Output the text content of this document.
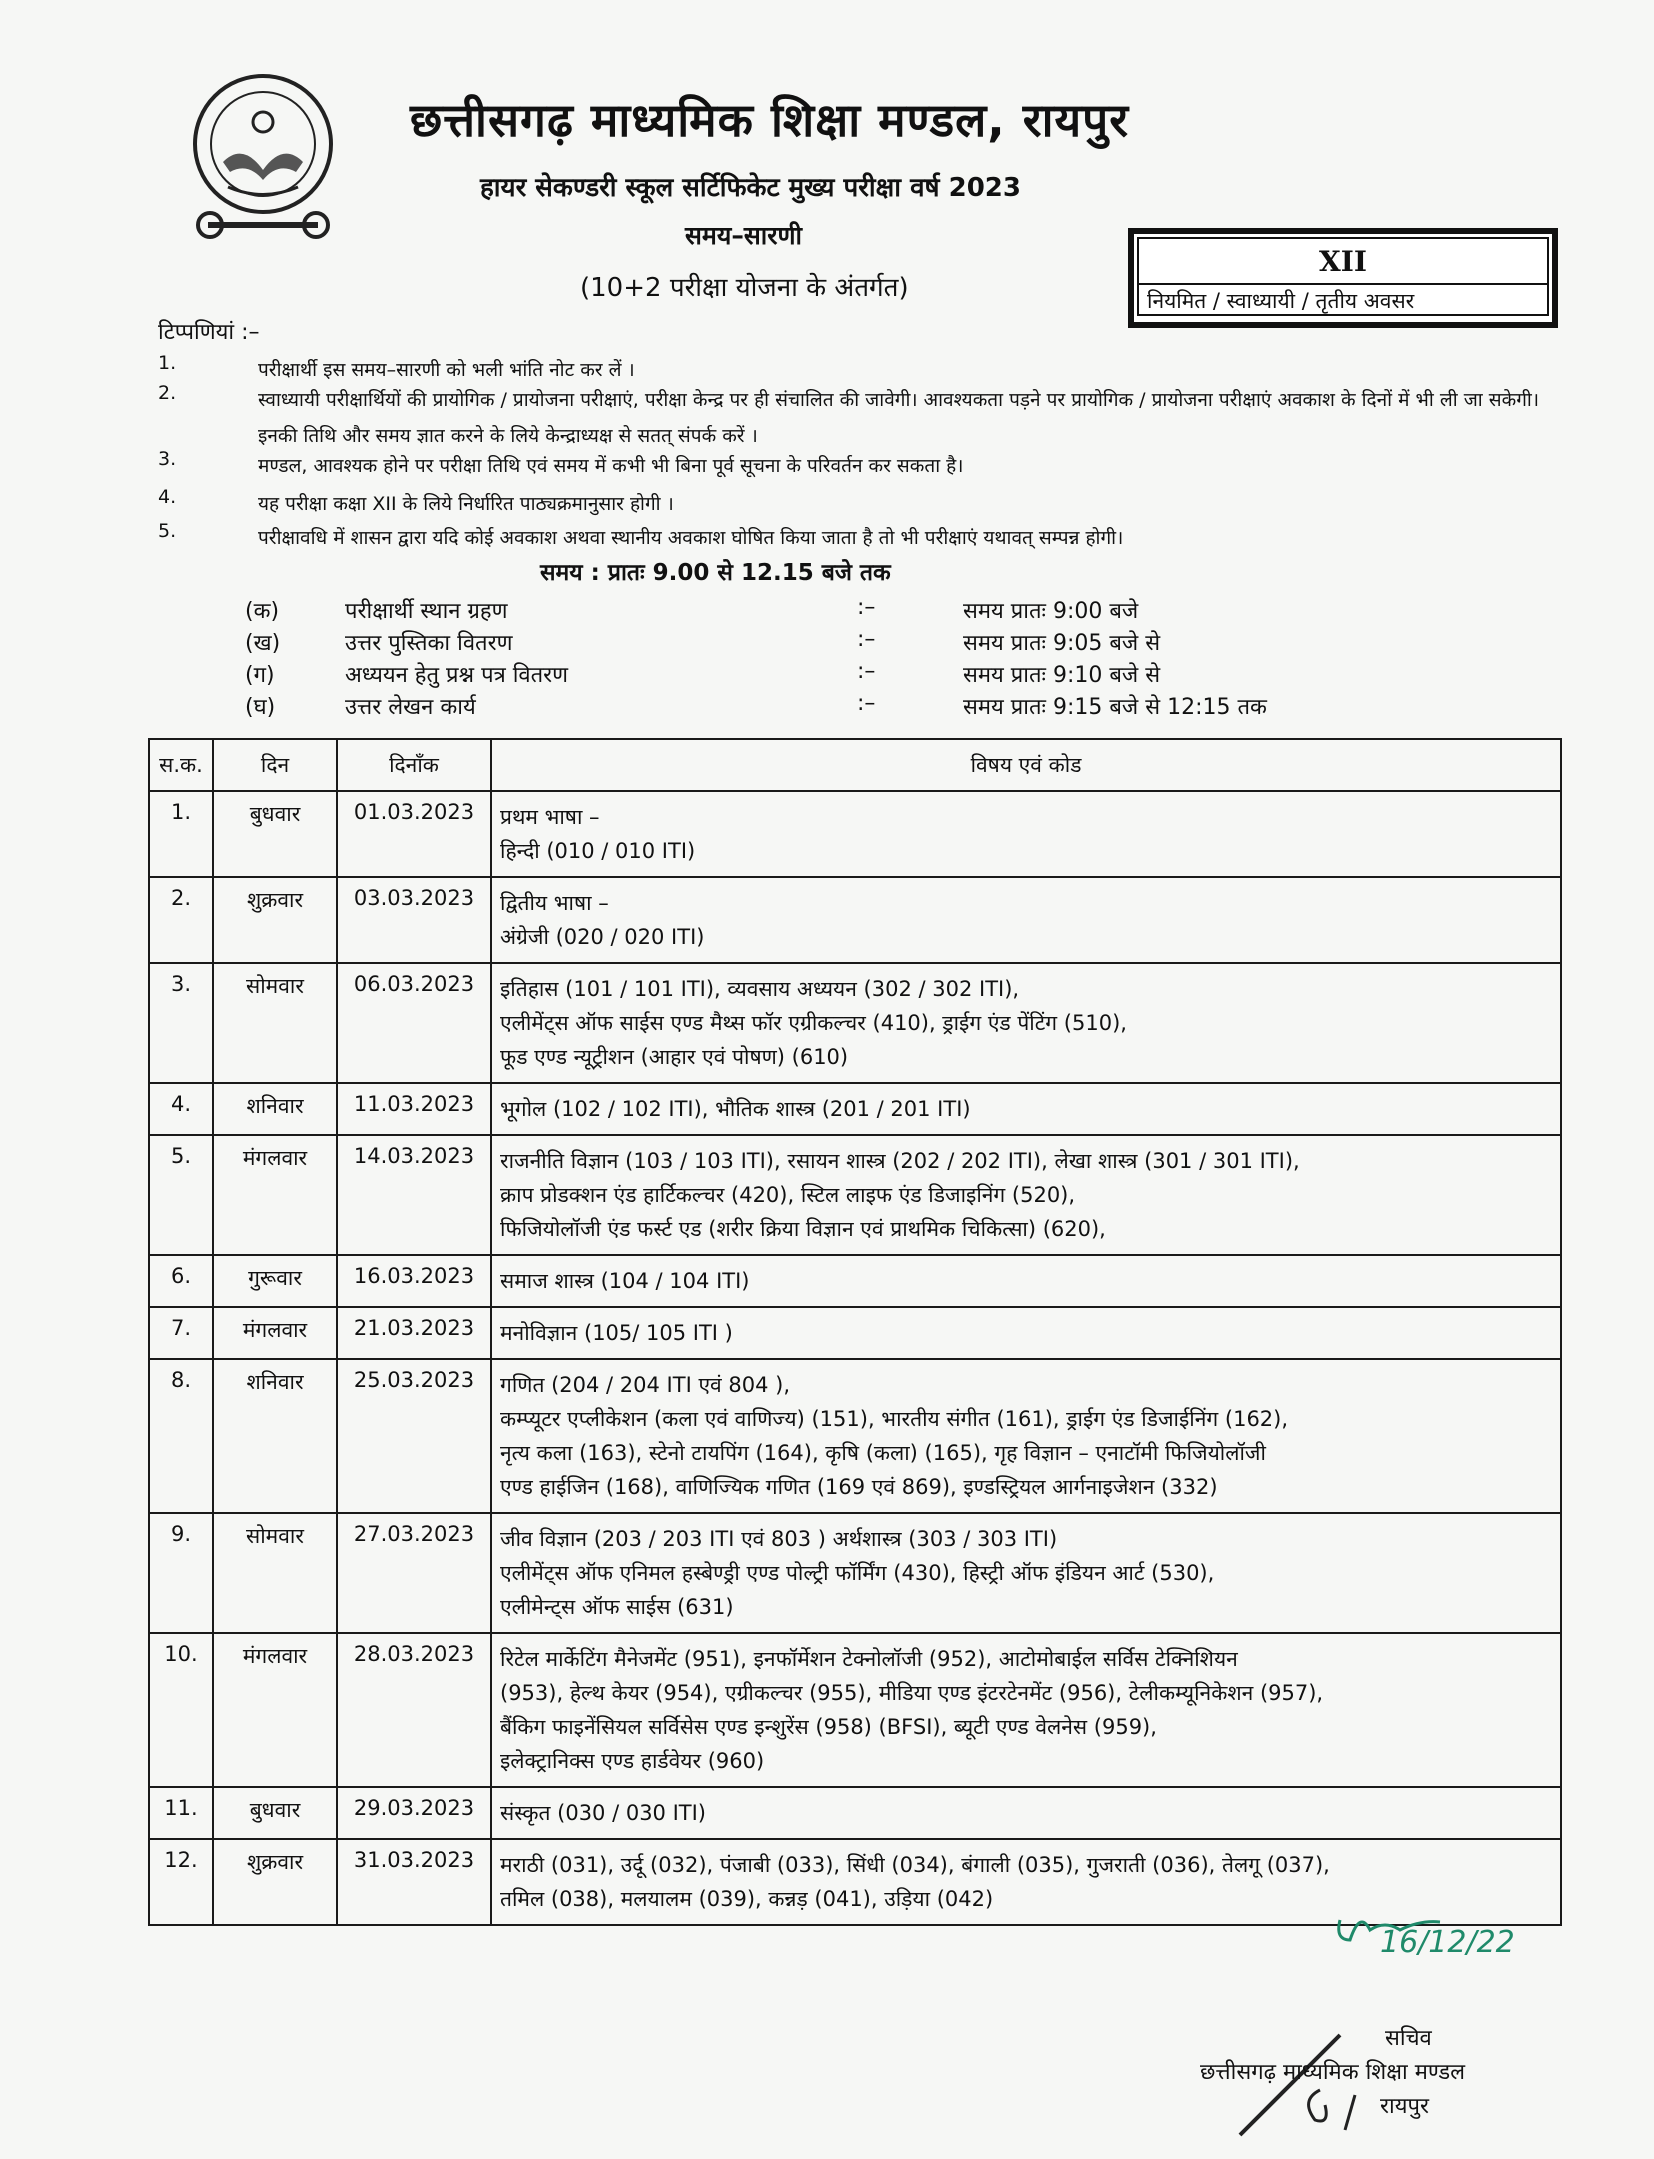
छत्तीसगढ़ माध्यमिक शिक्षा मण्डल, रायपुर
हायर सेकण्डरी स्कूल सर्टिफिकेट मुख्य परीक्षा वर्ष 2023
समय–सारणी
(10+2 परीक्षा योजना के अंतर्गत)
XII
नियमित / स्वाध्यायी / तृतीय अवसर
टिप्पणियां :–
1.	परीक्षार्थी इस समय–सारणी को भली भांति नोट कर लें ।
2.	स्वाध्यायी परीक्षार्थियों की प्रायोगिक / प्रायोजना परीक्षाएं, परीक्षा केन्द्र पर ही संचालित की जावेगी। आवश्यकता पड़ने पर प्रायोगिक / प्रायोजना परीक्षाएं अवकाश के दिनों में भी ली जा सकेगी। इनकी तिथि और समय ज्ञात करने के लिये केन्द्राध्यक्ष से सतत् संपर्क करें ।
3.	मण्डल, आवश्यक होने पर परीक्षा तिथि एवं समय में कभी भी बिना पूर्व सूचना के परिवर्तन कर सकता है।
4.	यह परीक्षा कक्षा XII के लिये निर्धारित पाठ्यक्रमानुसार होगी ।
5.	परीक्षावधि में शासन द्वारा यदि कोई अवकाश अथवा स्थानीय अवकाश घोषित किया जाता है तो भी परीक्षाएं यथावत् सम्पन्न होगी।
समय : प्रातः 9.00 से 12.15 बजे तक
(क)	परीक्षार्थी स्थान ग्रहण	:–	समय प्रातः 9:00 बजे
(ख)	उत्तर पुस्तिका वितरण	:–	समय प्रातः 9:05 बजे से
(ग)	अध्ययन हेतु प्रश्न पत्र वितरण	:–	समय प्रातः 9:10 बजे से
(घ)	उत्तर लेखन कार्य	:–	समय प्रातः 9:15 बजे से 12:15 तक
स.क.	दिन	दिनाँक	विषय एवं कोड
1.	बुधवार	01.03.2023	प्रथम भाषा –
हिन्दी (010 / 010 ITI)

2.	शुक्रवार	03.03.2023	द्वितीय भाषा –
अंग्रेजी (020 / 020 ITI)

3.	सोमवार	06.03.2023	इतिहास (101 / 101 ITI), व्यवसाय अध्ययन (302 / 302 ITI),
एलीमेंट्स ऑफ साईस एण्ड मैथ्स फॉर एग्रीकल्चर (410), ड्राईग एंड पेंटिंग (510),
फूड एण्ड न्यूट्रीशन (आहार एवं पोषण) (610)

4.	शनिवार	11.03.2023	भूगोल (102 / 102 ITI), भौतिक शास्त्र (201 / 201 ITI)

5.	मंगलवार	14.03.2023	राजनीति विज्ञान (103 / 103 ITI), रसायन शास्त्र (202 / 202 ITI), लेखा शास्त्र (301 / 301 ITI),
क्राप प्रोडक्शन एंड हार्टिकल्चर (420), स्टिल लाइफ एंड डिजाइनिंग (520),
फिजियोलॉजी एंड फर्स्ट एड (शरीर क्रिया विज्ञान एवं प्राथमिक चिकित्सा) (620),

6.	गुरूवार	16.03.2023	समाज शास्त्र (104 / 104 ITI)

7.	मंगलवार	21.03.2023	मनोविज्ञान (105/ 105 ITI )

8.	शनिवार	25.03.2023	गणित (204 / 204 ITI एवं 804 ),
कम्प्यूटर एप्लीकेशन (कला एवं वाणिज्य) (151), भारतीय संगीत (161), ड्राईग एंड डिजाईनिंग (162),
नृत्य कला (163), स्टेनो टायपिंग (164), कृषि (कला) (165), गृह विज्ञान – एनाटॉमी फिजियोलॉजी
एण्ड हाईजिन (168), वाणिज्यिक गणित (169 एवं 869), इण्डस्ट्रियल आर्गनाइजेशन (332)

9.	सोमवार	27.03.2023	जीव विज्ञान (203 / 203 ITI एवं 803 ) अर्थशास्त्र (303 / 303 ITI)
एलीमेंट्स ऑफ एनिमल हस्बेण्ड्री एण्ड पोल्ट्री फॉर्मिंग (430), हिस्ट्री ऑफ इंडियन आर्ट (530),
एलीमेन्ट्स ऑफ साईस (631)

10.	मंगलवार	28.03.2023	रिटेल मार्केटिंग मैनेजमेंट (951), इनफॉर्मेशन टेक्नोलॉजी (952), आटोमोबाईल सर्विस टेक्निशियन
(953), हेल्थ केयर (954), एग्रीकल्चर (955), मीडिया एण्ड इंटरटेनमेंट (956), टेलीकम्यूनिकेशन (957),
बैंकिग फाइनेंसियल सर्विसेस एण्ड इन्शुरेंस (958) (BFSI), ब्यूटी एण्ड वेलनेस (959),
इलेक्ट्रानिक्स एण्ड हार्डवेयर (960)

11.	बुधवार	29.03.2023	संस्कृत (030 / 030 ITI)

12.	शुक्रवार	31.03.2023	मराठी (031), उर्दू (032), पंजाबी (033), सिंधी (034), बंगाली (035), गुजराती (036), तेलगू (037),
तमिल (038), मलयालम (039), कन्नड़ (041), उड़िया (042)
16/12/22
सचिव
छत्तीसगढ़ माध्यमिक शिक्षा मण्डल
रायपुर
